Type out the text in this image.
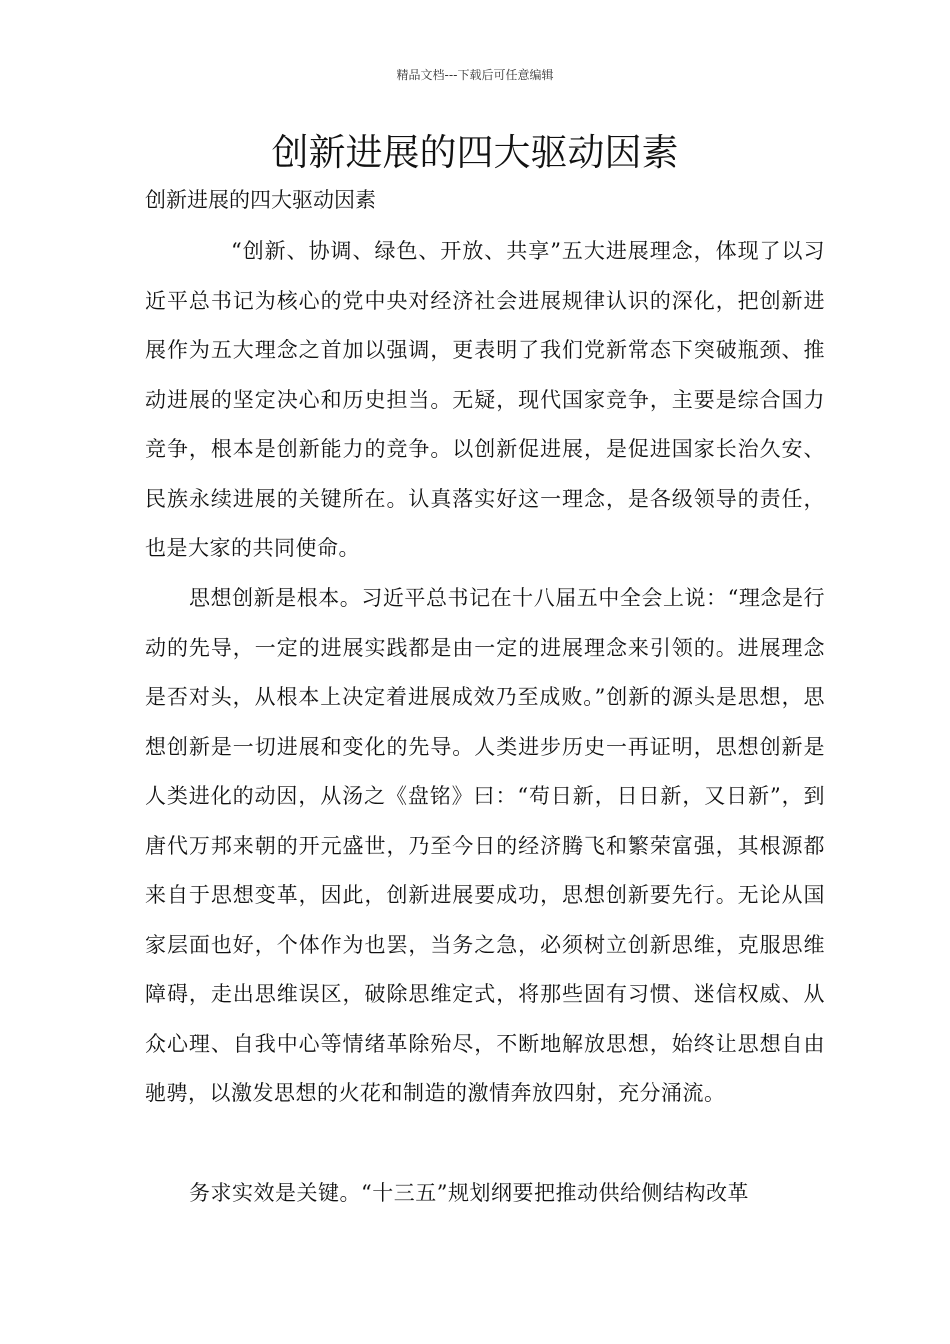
精品文档---下载后可任意编辑
创新进展的四大驱动因素
创新进展的四大驱动因素

“创新、协调、绿色、开放、共享”五大进展理念，体现了以习近平总书记为核心的党中央对经济社会进展规律认识的深化，把创新进展作为五大理念之首加以强调，更表明了我们党新常态下突破瓶颈、推动进展的坚定决心和历史担当。无疑，现代国家竞争，主要是综合国力竞争，根本是创新能力的竞争。以创新促进展，是促进国家长治久安、民族永续进展的关键所在。认真落实好这一理念，是各级领导的责任，也是大家的共同使命。

思想创新是根本。习近平总书记在十八届五中全会上说：“理念是行动的先导，一定的进展实践都是由一定的进展理念来引领的。进展理念是否对头，从根本上决定着进展成效乃至成败。”创新的源头是思想，思想创新是一切进展和变化的先导。人类进步历史一再证明，思想创新是人类进化的动因，从汤之《盘铭》曰：“苟日新，日日新，又日新”，到唐代万邦来朝的开元盛世，乃至今日的经济腾飞和繁荣富强，其根源都来自于思想变革，因此，创新进展要成功，思想创新要先行。无论从国家层面也好，个体作为也罢，当务之急，必须树立创新思维，克服思维障碍，走出思维误区，破除思维定式，将那些固有习惯、迷信权威、从众心理、自我中心等情绪革除殆尽，不断地解放思想，始终让思想自由驰骋，以激发思想的火花和制造的激情奔放四射，充分涌流。

务求实效是关键。“十三五”规划纲要把推动供给侧结构改革
